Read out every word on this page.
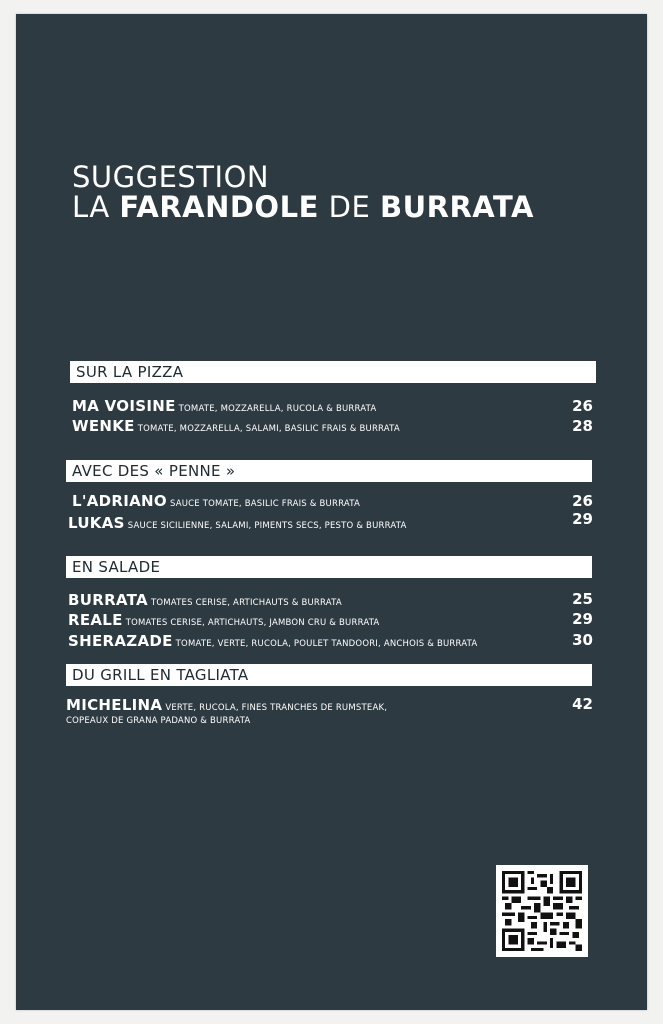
SUGGESTION
LA FARANDOLE DE BURRATA
SUR LA PIZZA
MA VOISINE TOMATE, MOZZARELLA, RUCOLA & BURRATA	26
WENKE TOMATE, MOZZARELLA, SALAMI, BASILIC FRAIS & BURRATA	28
AVEC DES « PENNE »
L'ADRIANO SAUCE TOMATE, BASILIC FRAIS & BURRATA	26
LUKAS SAUCE SICILIENNE, SALAMI, PIMENTS SECS, PESTO & BURRATA	29
EN SALADE
BURRATA TOMATES CERISE, ARTICHAUTS & BURRATA	25
REALE TOMATES CERISE, ARTICHAUTS, JAMBON CRU & BURRATA	29
SHERAZADE TOMATE, VERTE, RUCOLA, POULET TANDOORI, ANCHOIS & BURRATA	30
DU GRILL EN TAGLIATA
MICHELINA VERTE, RUCOLA, FINES TRANCHES DE RUMSTEAK,
COPEAUX DE GRANA PADANO & BURRATA
42
